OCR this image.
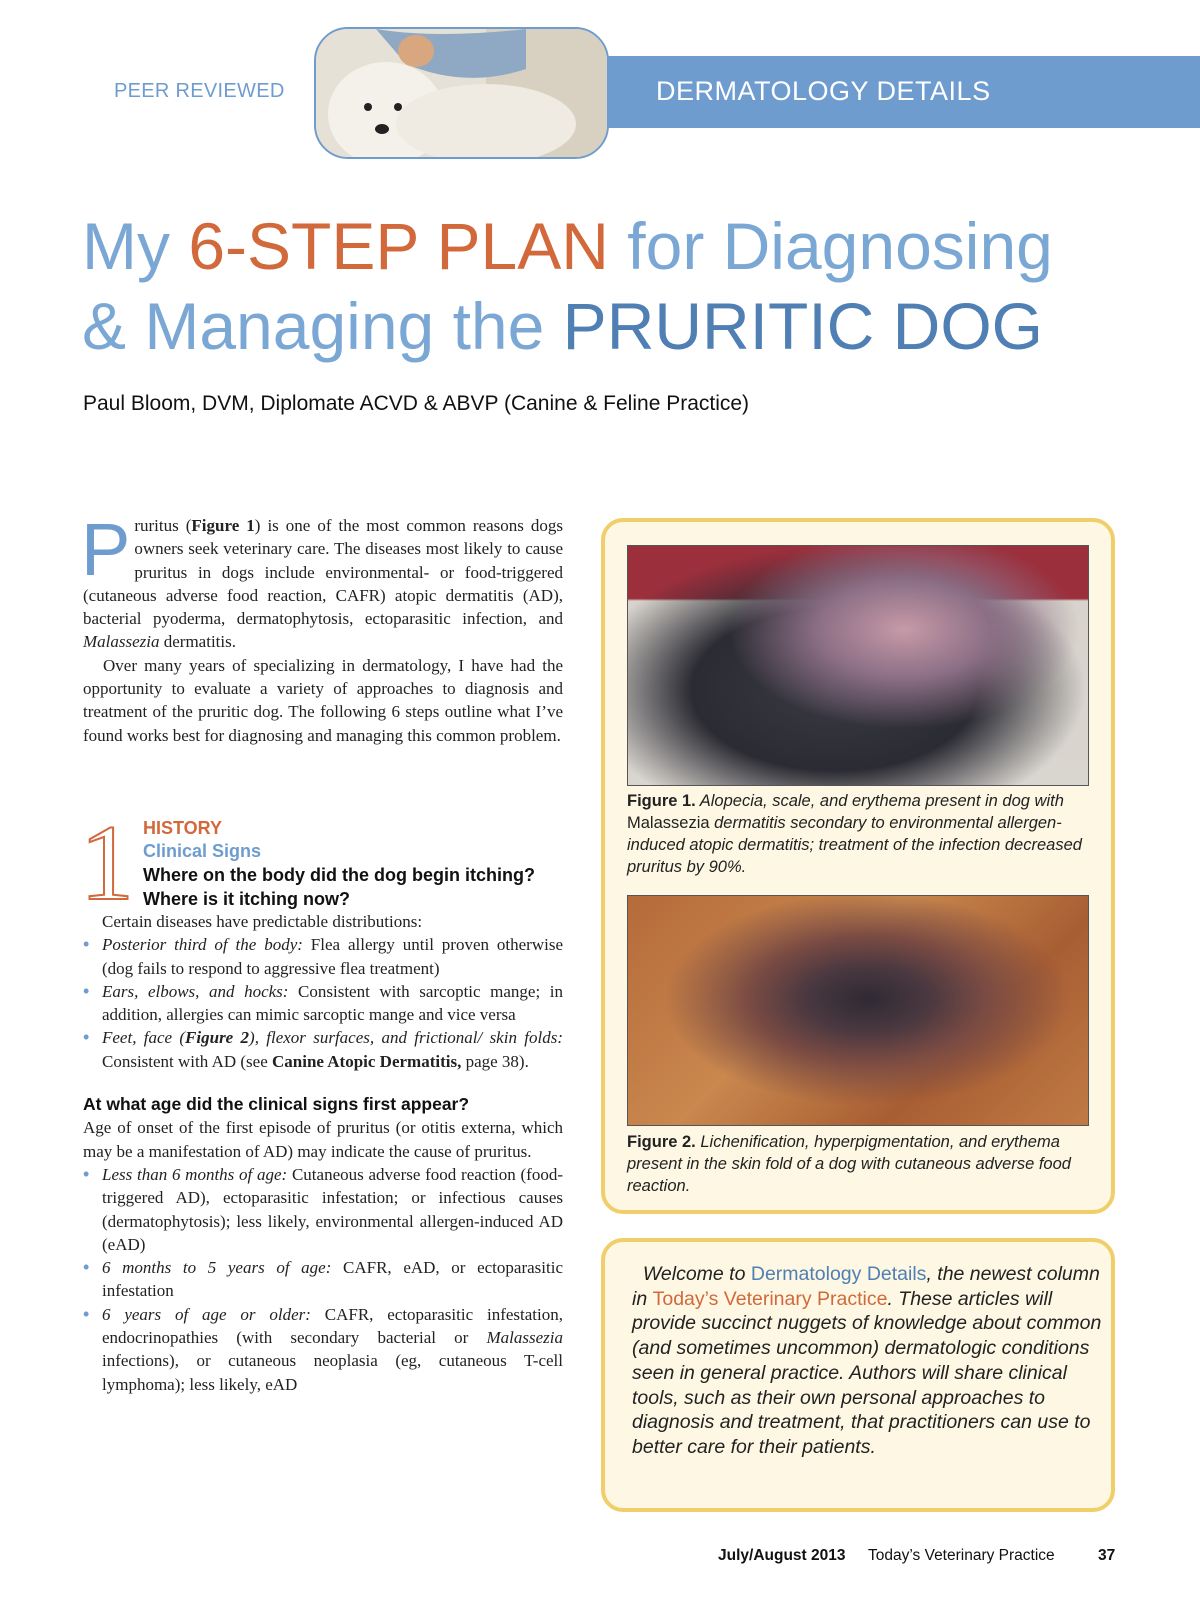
PEER REVIEWED	DERMATOLOGY DETAILS
My 6-STEP PLAN for Diagnosing
& Managing the PRURITIC DOG
Paul Bloom, DVM, Diplomate ACVD & ABVP (Canine & Feline Practice)

Pruritus (Figure 1) is one of the most common reasons dogs owners seek veterinary care. The diseases most likely to cause pruritus in dogs include environmental- or food-triggered (cutaneous adverse food reaction, CAFR) atopic dermatitis (AD), bacterial pyoderma, dermatophytosis, ectoparasitic infection, and Malassezia dermatitis.

Over many years of specializing in dermatology, I have had the opportunity to evaluate a variety of approaches to diagnosis and treatment of the pruritic dog. The following 6 steps outline what I’ve found works best for diagnosing and managing this common problem.

1 HISTORY
Clinical Signs
Where on the body did the dog begin itching? Where is it itching now?

Certain diseases have predictable distributions:

• Posterior third of the body: Flea allergy until proven otherwise (dog fails to respond to aggressive flea treatment)
• Ears, elbows, and hocks: Consistent with sarcoptic mange; in addition, allergies can mimic sarcoptic mange and vice versa
• Feet, face (Figure 2), flexor surfaces, and frictional/ skin folds: Consistent with AD (see Canine Atopic Dermatitis, page 38).

At what age did the clinical signs first appear?

Age of onset of the first episode of pruritus (or otitis externa, which may be a manifestation of AD) may indicate the cause of pruritus.

• Less than 6 months of age: Cutaneous adverse food reaction (food-triggered AD), ectoparasitic infestation; or infectious causes (dermatophytosis); less likely, environmental allergen-induced AD (eAD)
• 6 months to 5 years of age: CAFR, eAD, or ectoparasitic infestation
• 6 years of age or older: CAFR, ectoparasitic infestation, endocrinopathies (with secondary bacterial or Malassezia infections), or cutaneous neoplasia (eg, cutaneous T-cell lymphoma); less likely, eAD
Figure 1. Alopecia, scale, and erythema present in dog with Malassezia dermatitis secondary to environmental allergen-induced atopic dermatitis; treatment of the infection decreased pruritus by 90%.
Figure 2. Lichenification, hyperpigmentation, and erythema present in the skin fold of a dog with cutaneous adverse food reaction.
Welcome to Dermatology Details, the newest column in Today’s Veterinary Practice. These articles will provide succinct nuggets of knowledge about common (and sometimes uncommon) dermatologic conditions seen in general practice. Authors will share clinical tools, such as their own personal approaches to diagnosis and treatment, that practitioners can use to better care for their patients.
July/August 2013 Today’s Veterinary Practice	37
